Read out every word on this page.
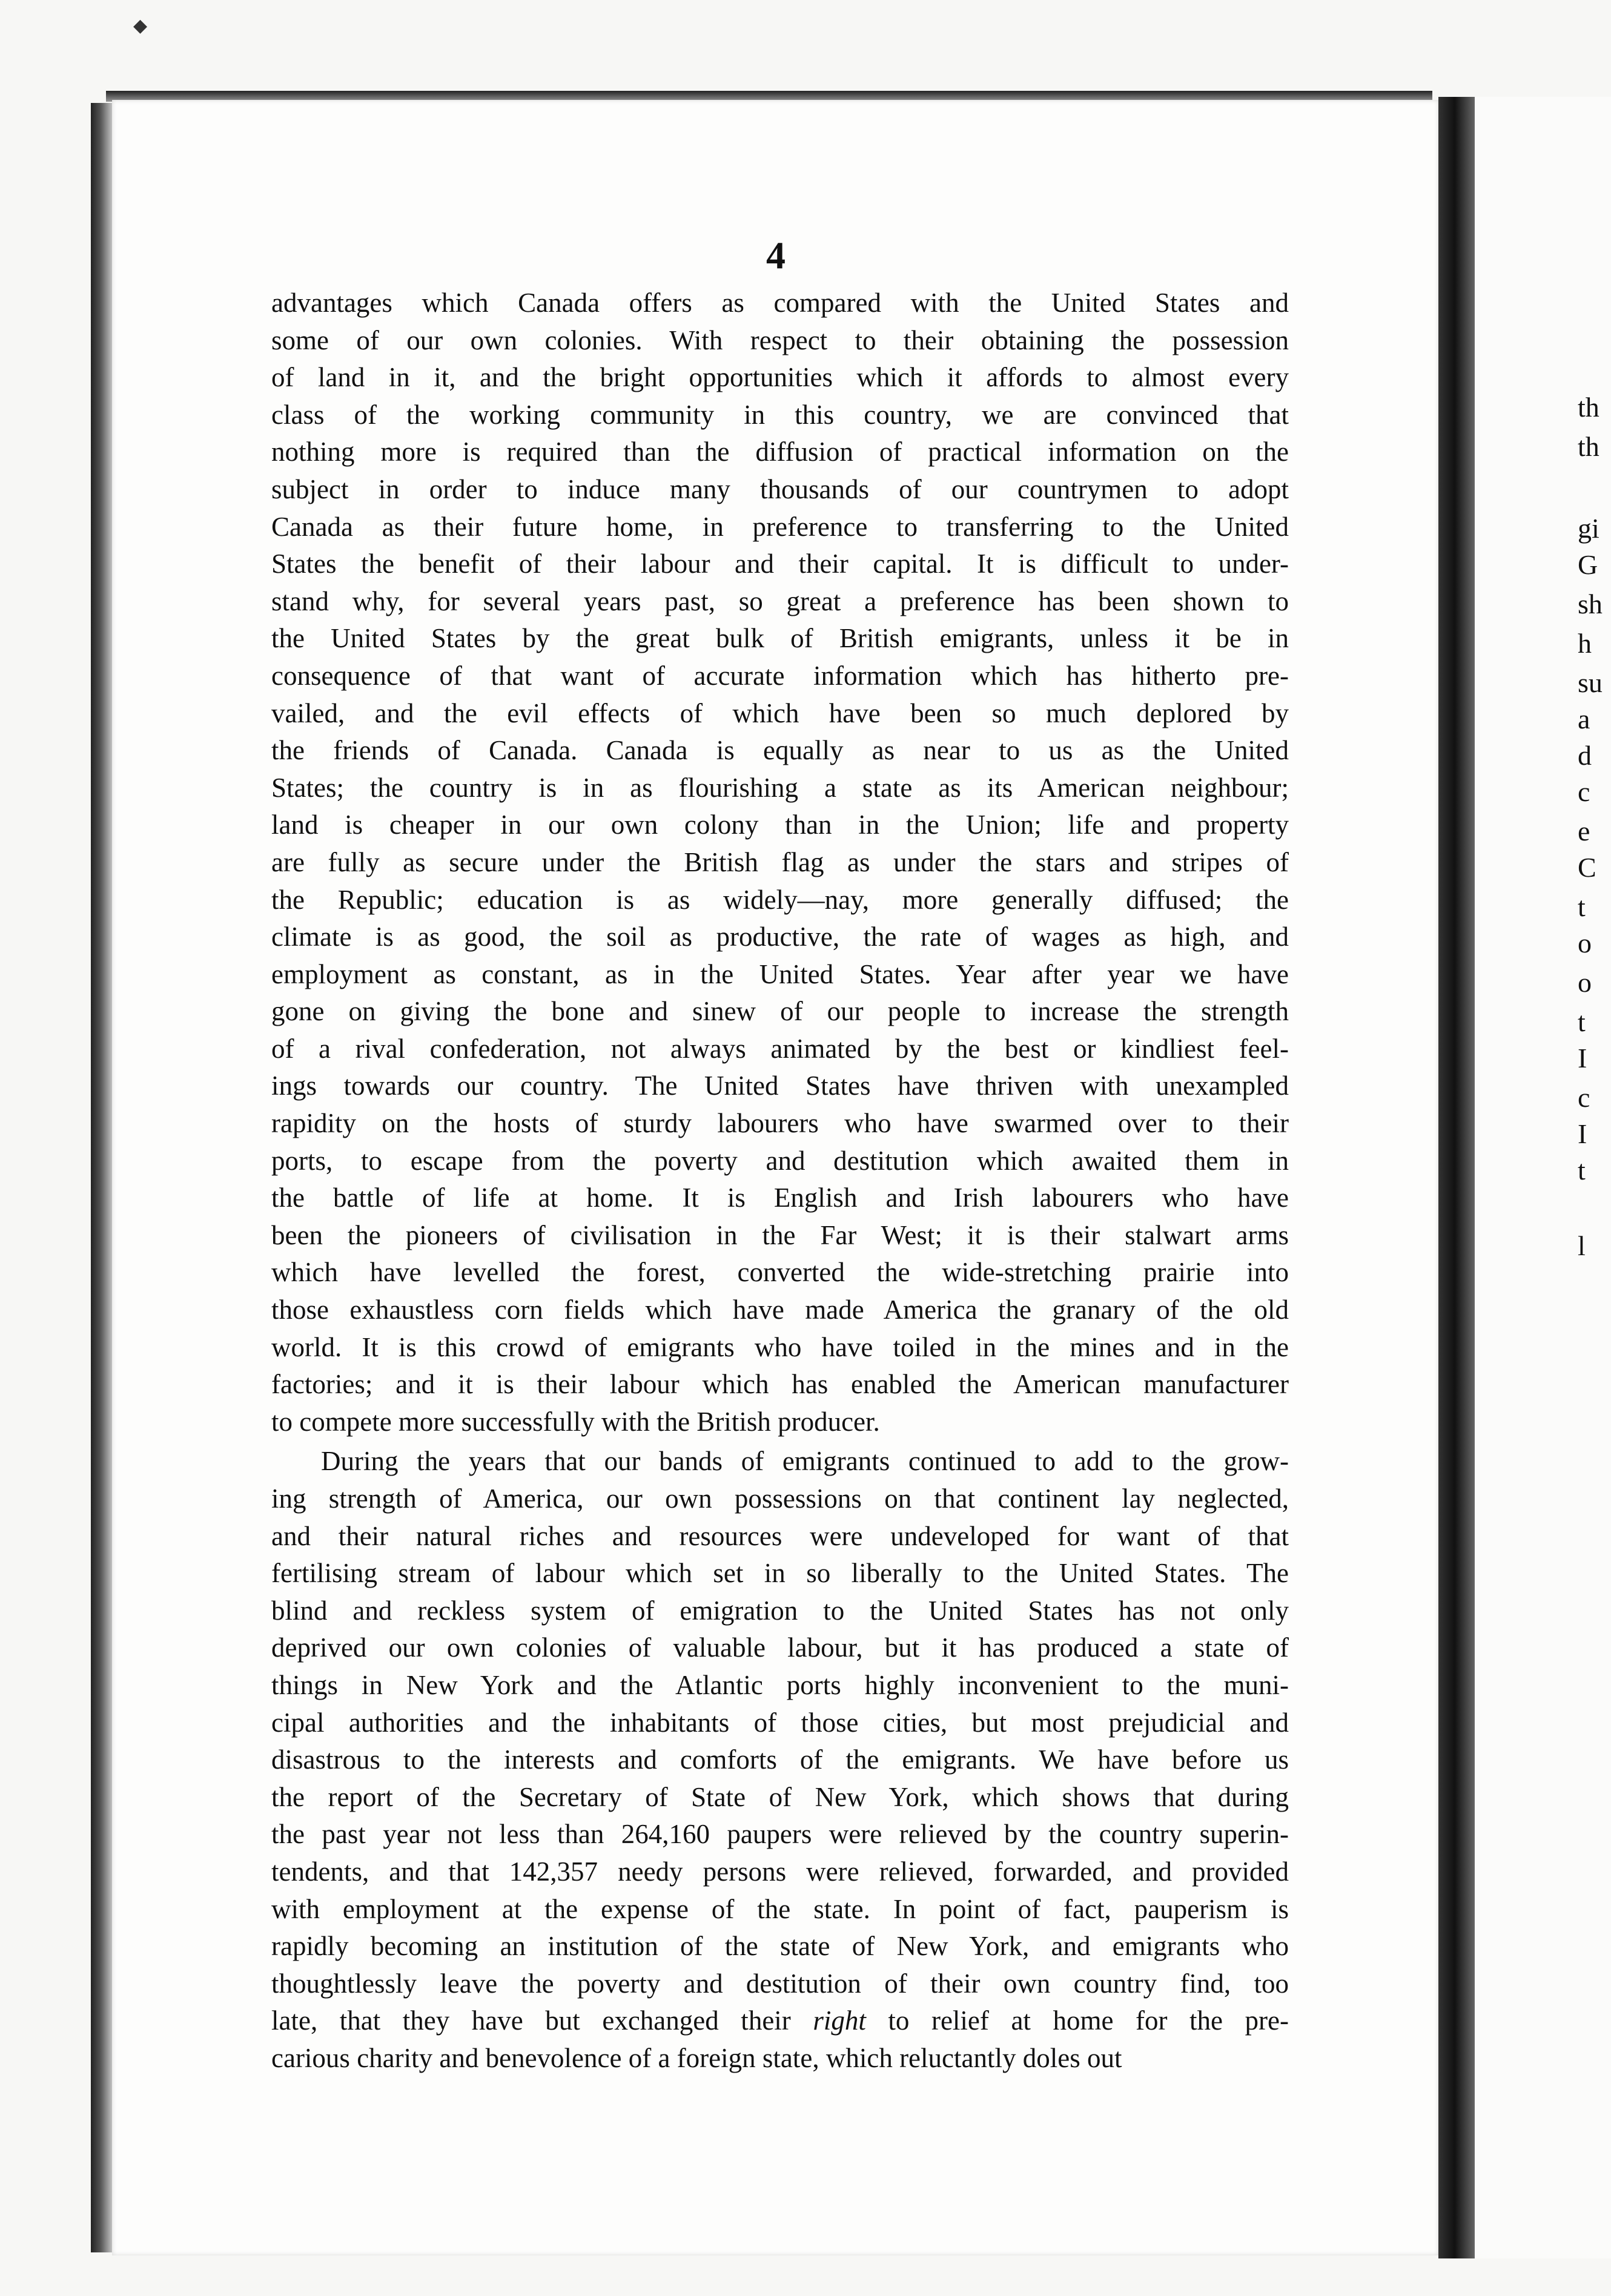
◆
th
th
gi
G
sh
h
su
a
d
c
e
C
t
o
o
t
I
c
I
t
l
4

advantages which Canada offers as compared with the United States and
some of our own colonies. With respect to their obtaining the possession
of land in it, and the bright opportunities which it affords to almost every
class of the working community in this country, we are convinced that
nothing more is required than the diffusion of practical information on the
subject in order to induce many thousands of our countrymen to adopt
Canada as their future home, in preference to transferring to the United
States the benefit of their labour and their capital. It is difficult to under-
stand why, for several years past, so great a preference has been shown to
the United States by the great bulk of British emigrants, unless it be in
consequence of that want of accurate information which has hitherto pre-
vailed, and the evil effects of which have been so much deplored by
the friends of Canada. Canada is equally as near to us as the United
States; the country is in as flourishing a state as its American neighbour;
land is cheaper in our own colony than in the Union; life and property
are fully as secure under the British flag as under the stars and stripes of
the Republic; education is as widely—nay, more generally diffused; the
climate is as good, the soil as productive, the rate of wages as high, and
employment as constant, as in the United States. Year after year we have
gone on giving the bone and sinew of our people to increase the strength
of a rival confederation, not always animated by the best or kindliest feel-
ings towards our country. The United States have thriven with unexampled
rapidity on the hosts of sturdy labourers who have swarmed over to their
ports, to escape from the poverty and destitution which awaited them in
the battle of life at home. It is English and Irish labourers who have
been the pioneers of civilisation in the Far West; it is their stalwart arms
which have levelled the forest, converted the wide-stretching prairie into
those exhaustless corn fields which have made America the granary of the old
world. It is this crowd of emigrants who have toiled in the mines and in the
factories; and it is their labour which has enabled the American manufacturer
to compete more successfully with the British producer.

During the years that our bands of emigrants continued to add to the grow-
ing strength of America, our own possessions on that continent lay neglected,
and their natural riches and resources were undeveloped for want of that
fertilising stream of labour which set in so liberally to the United States. The
blind and reckless system of emigration to the United States has not only
deprived our own colonies of valuable labour, but it has produced a state of
things in New York and the Atlantic ports highly inconvenient to the muni-
cipal authorities and the inhabitants of those cities, but most prejudicial and
disastrous to the interests and comforts of the emigrants. We have before us
the report of the Secretary of State of New York, which shows that during
the past year not less than 264,160 paupers were relieved by the country superin-
tendents, and that 142,357 needy persons were relieved, forwarded, and provided
with employment at the expense of the state. In point of fact, pauperism is
rapidly becoming an institution of the state of New York, and emigrants who
thoughtlessly leave the poverty and destitution of their own country find, too
late, that they have but exchanged their right to relief at home for the pre-
carious charity and benevolence of a foreign state, which reluctantly doles out
